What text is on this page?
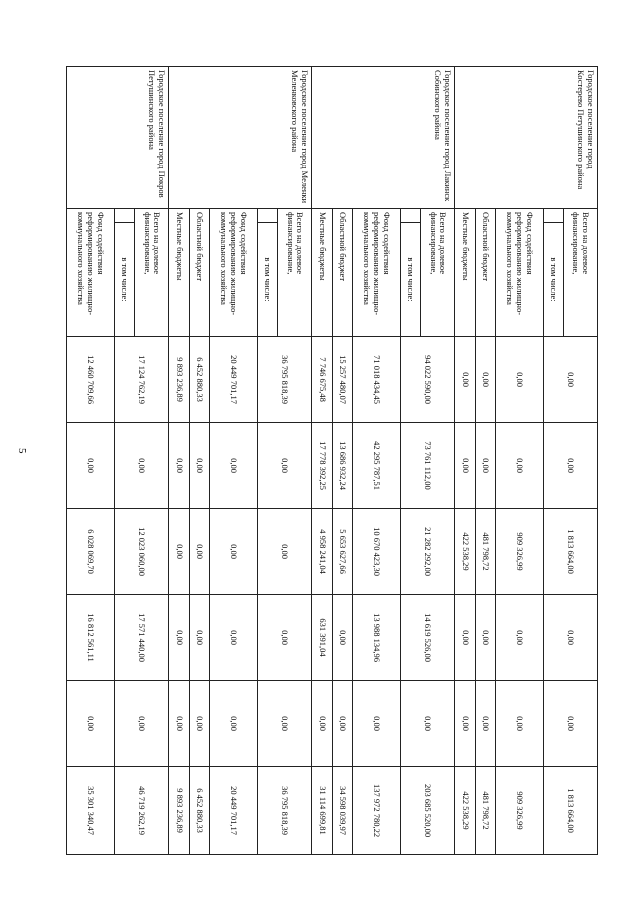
5
Городское поселение город Костерево Петушинского района	Всего на долевое финансирование,		0,00	0,00	1 813 664,00	0,00	0,00	1 813 664,00
		в том числе:						
	Фонд содействия реформированию жилищно-коммунального хозяйства		0,00	0,00	909 326,99	0,00	0,00	909 326,99
	Областной бюджет		0,00	0,00	481 798,72	0,00	0,00	481 798,72
	Местные бюджеты		0,00	0,00	422 538,29	0,00	0,00	422 538,29
Городское поселение город Лакинск Собинского района	Всего на долевое финансирование,		94 022 590,00	73 761 112,00	21 282 292,00	14 619 526,00	0,00	203 685 520,00
		в том числе:						
	Фонд содействия реформированию жилищно-коммунального хозяйства		71 018 434,45	42 295 787,51	10 670 423,30	13 988 134,96	0,00	137 972 780,22
	Областной бюджет		15 257 480,07	13 686 932,24	5 653 627,66	0,00	0,00	34 598 039,97
	Местные бюджеты		7 746 675,48	17 778 392,25	4 958 241,04	631 391,04	0,00	31 114 699,81
Городское поселение город Меленки Меленковского района	Всего на долевое финансирование,		36 795 818,39	0,00	0,00	0,00	0,00	36 795 818,39
		в том числе:						
	Фонд содействия реформированию жилищно-коммунального хозяйства		20 449 701,17	0,00	0,00	0,00	0,00	20 449 701,17
	Областной бюджет		6 452 880,33	0,00	0,00	0,00	0,00	6 452 880,33
	Местные бюджеты		9 893 236,89	0,00	0,00	0,00	0,00	9 893 236,89
Городское поселение город Покров Петушинского района	Всего на долевое финансирование,		17 124 762,19	0,00	12 023 060,00	17 571 440,00	0,00	46 719 262,19
		в том числе:						
	Фонд содействия реформированию жилищно-коммунального хозяйства		12 460 709,66	0,00	6 028 069,70	16 812 561,11	0,00	35 301 340,47
